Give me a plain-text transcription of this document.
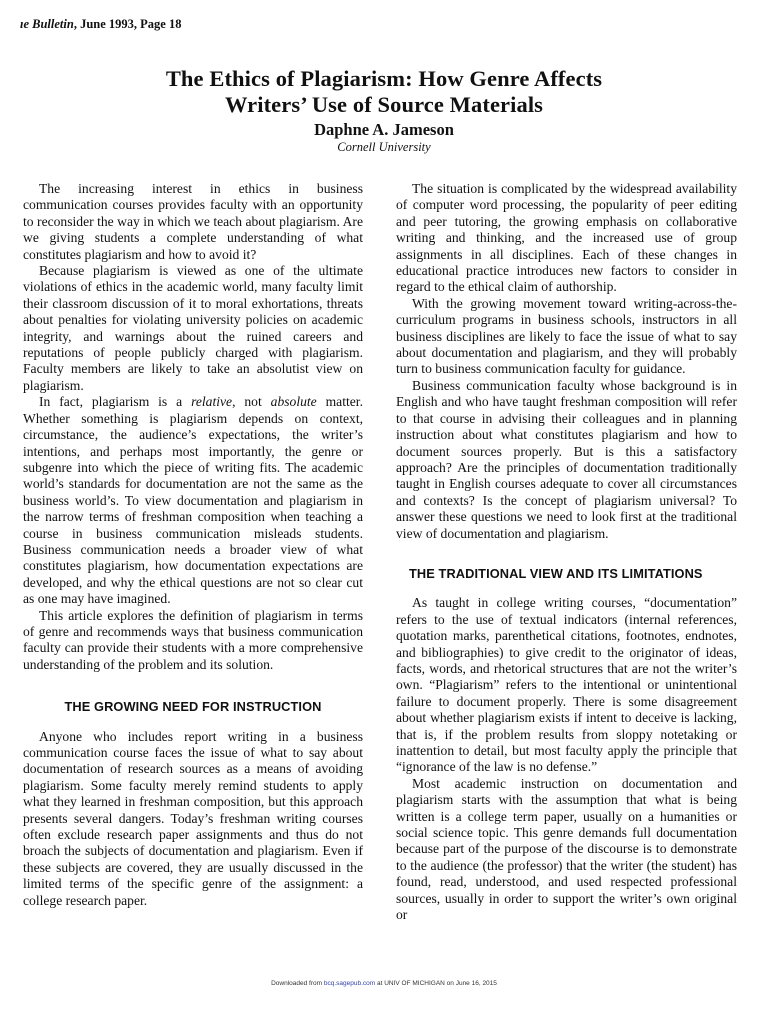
ıe Bulletin, June 1993, Page 18
The Ethics of Plagiarism: How Genre Affects
Writers’ Use of Source Materials
Daphne A. Jameson
Cornell University

The increasing interest in ethics in business communication courses provides faculty with an opportunity to reconsider the way in which we teach about plagiarism. Are we giving students a complete understanding of what constitutes plagiarism and how to avoid it?

Because plagiarism is viewed as one of the ultimate violations of ethics in the academic world, many faculty limit their classroom discussion of it to moral exhortations, threats about penalties for violating university policies on academic integrity, and warnings about the ruined careers and reputations of people publicly charged with plagiarism. Faculty members are likely to take an absolutist view on plagiarism.

In fact, plagiarism is a relative, not absolute matter. Whether something is plagiarism depends on context, circumstance, the audience’s expectations, the writer’s intentions, and perhaps most importantly, the genre or subgenre into which the piece of writing fits. The academic world’s standards for documentation are not the same as the business world’s. To view documentation and plagiarism in the narrow terms of freshman composition when teaching a course in business communication misleads students. Business communication needs a broader view of what constitutes plagiarism, how documentation expectations are developed, and why the ethical questions are not so clear cut as one may have imagined.

This article explores the definition of plagiarism in terms of genre and recommends ways that business communication faculty can provide their students with a more comprehensive understanding of the problem and its solution.

THE GROWING NEED FOR INSTRUCTION

Anyone who includes report writing in a business communication course faces the issue of what to say about documentation of research sources as a means of avoiding plagiarism. Some faculty merely remind students to apply what they learned in freshman composition, but this approach presents several dangers. Today’s freshman writing courses often exclude research paper assignments and thus do not broach the subjects of documentation and plagiarism. Even if these subjects are covered, they are usually discussed in the limited terms of the specific genre of the assignment: a college research paper.

The situation is complicated by the widespread availability of computer word processing, the popularity of peer editing and peer tutoring, the growing emphasis on collaborative writing and thinking, and the increased use of group assignments in all disciplines. Each of these changes in educational practice introduces new factors to consider in regard to the ethical claim of authorship.

With the growing movement toward writing-across-the-curriculum programs in business schools, instructors in all business disciplines are likely to face the issue of what to say about documentation and plagiarism, and they will probably turn to business communication faculty for guidance.

Business communication faculty whose background is in English and who have taught freshman composition will refer to that course in advising their colleagues and in planning instruction about what constitutes plagiarism and how to document sources properly. But is this a satisfactory approach? Are the principles of documentation traditionally taught in English courses adequate to cover all circumstances and contexts? Is the concept of plagiarism universal? To answer these questions we need to look first at the traditional view of documentation and plagiarism.

THE TRADITIONAL VIEW AND ITS LIMITATIONS

As taught in college writing courses, “documentation” refers to the use of textual indicators (internal references, quotation marks, parenthetical citations, footnotes, endnotes, and bibliographies) to give credit to the originator of ideas, facts, words, and rhetorical structures that are not the writer’s own. “Plagiarism” refers to the intentional or unintentional failure to document properly. There is some disagreement about whether plagiarism exists if intent to deceive is lacking, that is, if the problem results from sloppy notetaking or inattention to detail, but most faculty apply the principle that “ignorance of the law is no defense.”

Most academic instruction on documentation and plagiarism starts with the assumption that what is being written is a college term paper, usually on a humanities or social science topic. This genre demands full documentation because part of the purpose of the discourse is to demonstrate to the audience (the professor) that the writer (the student) has found, read, understood, and used respected professional sources, usually in order to support the writer’s own original or

Downloaded from bcq.sagepub.com at UNIV OF MICHIGAN on June 16, 2015
